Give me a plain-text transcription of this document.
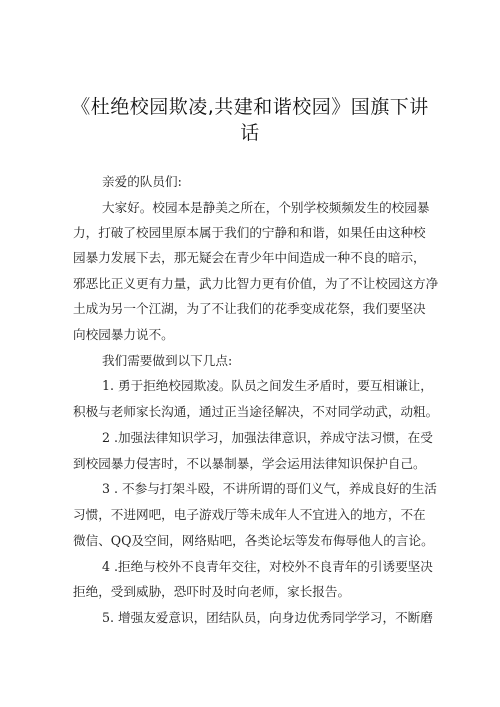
《杜绝校园欺凌,共建和谐校园》国旗下讲
话
亲爱的队员们:
大家好。校园本是静美之所在，个别学校频频发生的校园暴
力，打破了校园里原本属于我们的宁静和和谐，如果任由这种校
园暴力发展下去，那无疑会在青少年中间造成一种不良的暗示，
邪恶比正义更有力量，武力比智力更有价值，为了不让校园这方净
土成为另一个江湖，为了不让我们的花季变成花祭，我们要坚决
向校园暴力说不。
我们需要做到以下几点:
1. 勇于拒绝校园欺凌。队员之间发生矛盾时，要互相谦让，
积极与老师家长沟通，通过正当途径解决，不对同学动武，动粗。
2 .加强法律知识学习，加强法律意识，养成守法习惯，在受
到校园暴力侵害时，不以暴制暴，学会运用法律知识保护自己。
3 . 不参与打架斗殴，不讲所谓的哥们义气，养成良好的生活
习惯，不进网吧，电子游戏厅等未成年人不宜进入的地方，不在
微信、QQ及空间，网络贴吧，各类论坛等发布侮辱他人的言论。
4 .拒绝与校外不良青年交往，对校外不良青年的引诱要坚决
拒绝，受到威胁，恐吓时及时向老师，家长报告。
5. 增强友爱意识，团结队员，向身边优秀同学学习，不断磨
